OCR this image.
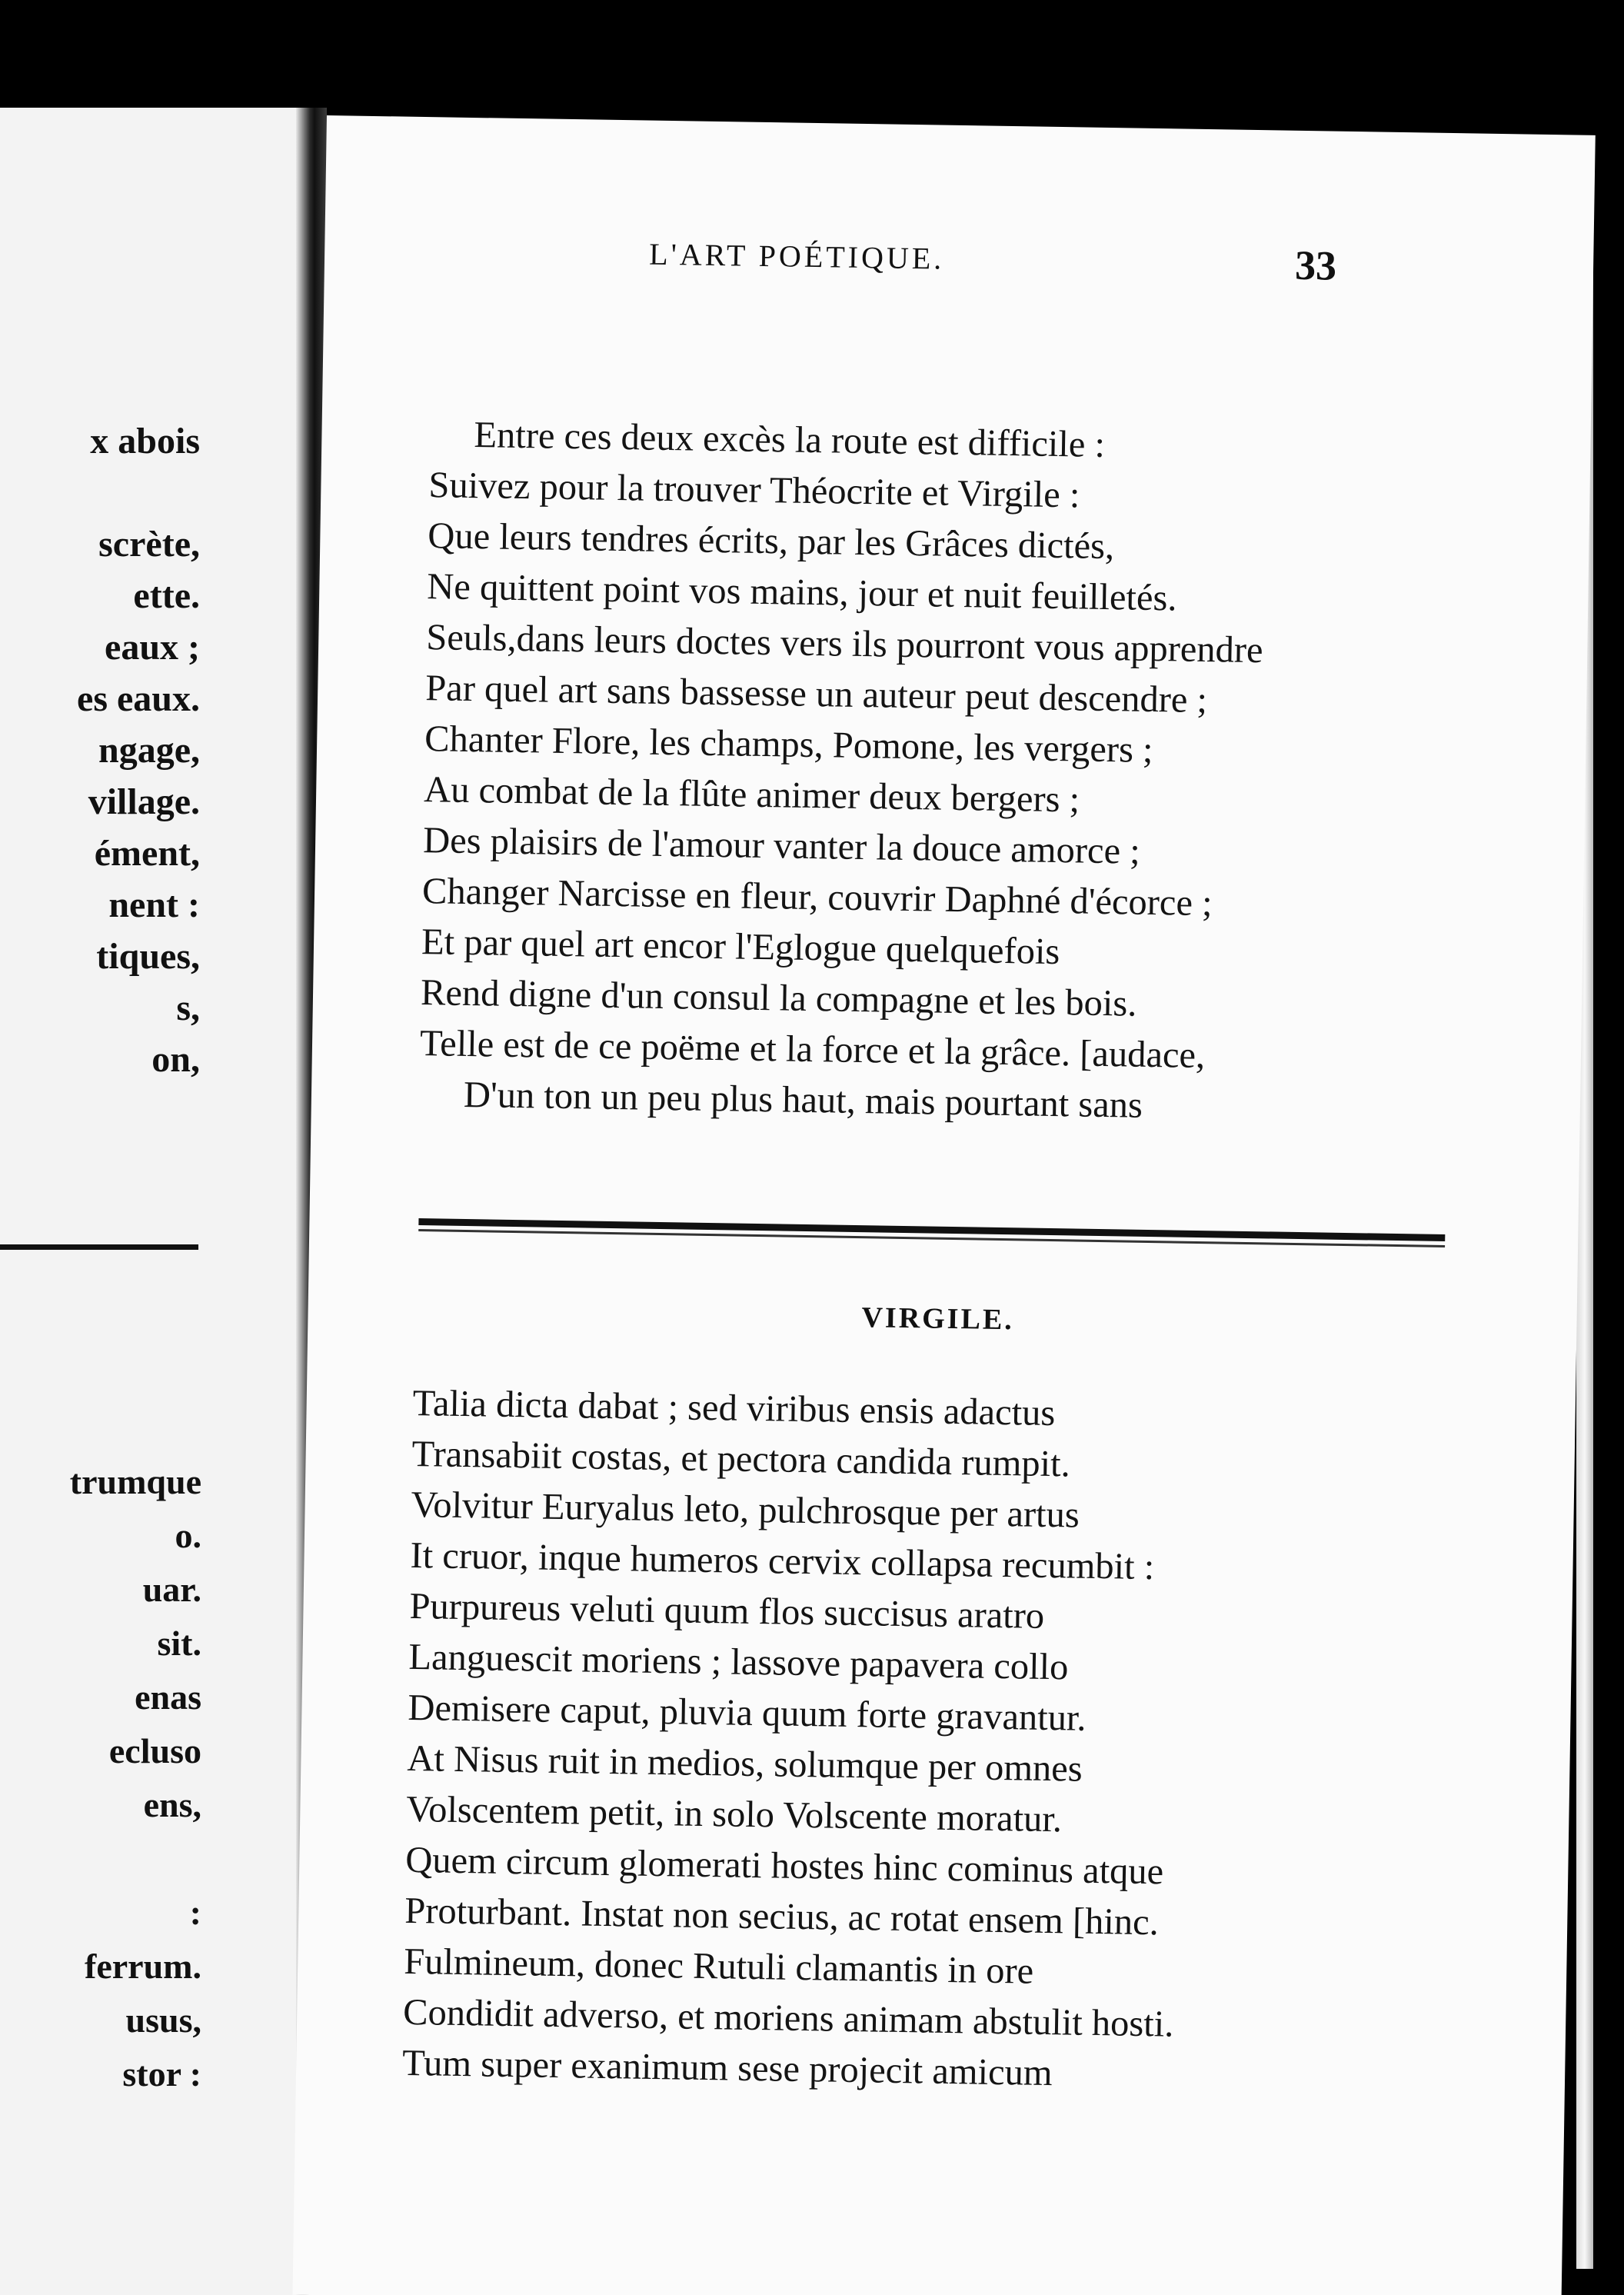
x abois

scrète,
ette.
eaux ;
es eaux.
ngage,
village.
ément,
nent :
tiques,
s,
on,
trumque
o.
uar.
sit.
enas
ecluso
ens,

:
ferrum.
usus,
stor :
L'ART POÉTIQUE.	33
Entre ces deux excès la route est difficile :
Suivez pour la trouver Théocrite et Virgile :
Que leurs tendres écrits, par les Grâces dictés,
Ne quittent point vos mains, jour et nuit feuilletés.
Seuls,dans leurs doctes vers ils pourront vous apprendre
Par quel art sans bassesse un auteur peut descendre ;
Chanter Flore, les champs, Pomone, les vergers ;
Au combat de la flûte animer deux bergers ;
Des plaisirs de l'amour vanter la douce amorce ;
Changer Narcisse en fleur, couvrir Daphné d'écorce ;
Et par quel art encor l'Eglogue quelquefois
Rend digne d'un consul la compagne et les bois.
Telle est de ce poëme et la force et la grâce. [audace,
D'un ton un peu plus haut, mais pourtant sans
VIRGILE.
Talia dicta dabat ; sed viribus ensis adactus
Transabiit costas, et pectora candida rumpit.
Volvitur Euryalus leto, pulchrosque per artus
It cruor, inque humeros cervix collapsa recumbit :
Purpureus veluti quum flos succisus aratro
Languescit moriens ; lassove papavera collo
Demisere caput, pluvia quum forte gravantur.
At Nisus ruit in medios, solumque per omnes
Volscentem petit, in solo Volscente moratur.
Quem circum glomerati hostes hinc cominus atque
Proturbant. Instat non secius, ac rotat ensem [hinc.
Fulmineum, donec Rutuli clamantis in ore
Condidit adverso, et moriens animam abstulit hosti.
Tum super exanimum sese projecit amicum
